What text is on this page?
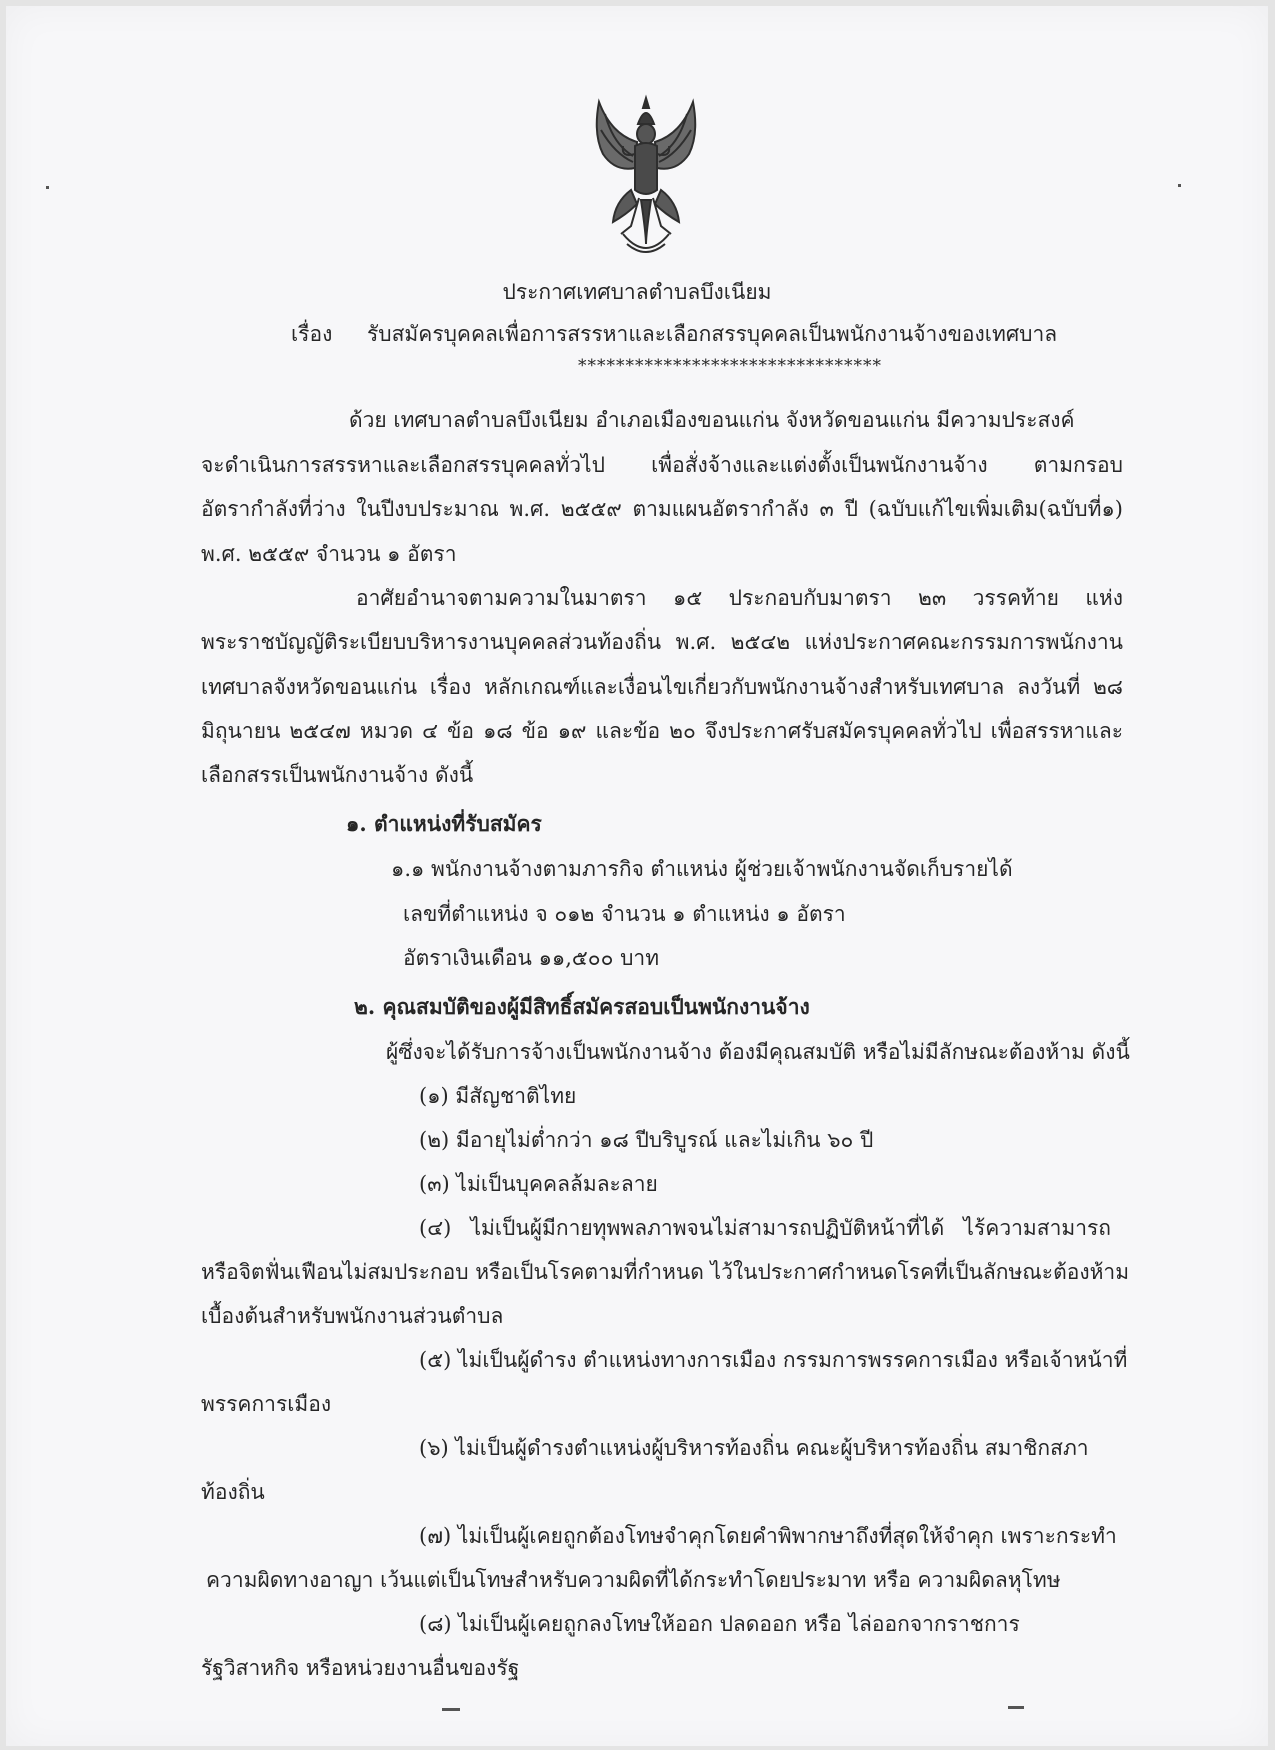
ประกาศเทศบาลตำบลบึงเนียม
เรื่อง รับสมัครบุคคลเพื่อการสรรหาและเลือกสรรบุคคลเป็นพนักงานจ้างของเทศบาล
********************************
ด้วย เทศบาลตำบลบึงเนียม อำเภอเมืองขอนแก่น จังหวัดขอนแก่น มีความประสงค์
จะดำเนินการสรรหาและเลือกสรรบุคคลทั่วไป เพื่อสั่งจ้างและแต่งตั้งเป็นพนักงานจ้าง ตามกรอบ
อัตรากำลังที่ว่าง ในปีงบประมาณ พ.ศ. ๒๕๕๙ ตามแผนอัตรากำลัง ๓ ปี (ฉบับแก้ไขเพิ่มเติม(ฉบับที่๑)
พ.ศ. ๒๕๕๙ จำนวน ๑ อัตรา
อาศัยอำนาจตามความในมาตรา ๑๕ ประกอบกับมาตรา ๒๓ วรรคท้าย แห่ง
พระราชบัญญัติระเบียบบริหารงานบุคคลส่วนท้องถิ่น พ.ศ. ๒๕๔๒ แห่งประกาศคณะกรรมการพนักงาน
เทศบาลจังหวัดขอนแก่น เรื่อง หลักเกณฑ์และเงื่อนไขเกี่ยวกับพนักงานจ้างสำหรับเทศบาล ลงวันที่ ๒๘
มิถุนายน ๒๕๔๗ หมวด ๔ ข้อ ๑๘ ข้อ ๑๙ และข้อ ๒๐ จึงประกาศรับสมัครบุคคลทั่วไป เพื่อสรรหาและ
เลือกสรรเป็นพนักงานจ้าง ดังนี้
๑. ตำแหน่งที่รับสมัคร
๑.๑ พนักงานจ้างตามภารกิจ ตำแหน่ง ผู้ช่วยเจ้าพนักงานจัดเก็บรายได้
เลขที่ตำแหน่ง จ ๐๑๒ จำนวน ๑ ตำแหน่ง ๑ อัตรา
อัตราเงินเดือน ๑๑,๕๐๐ บาท
๒. คุณสมบัติของผู้มีสิทธิ์สมัครสอบเป็นพนักงานจ้าง
ผู้ซึ่งจะได้รับการจ้างเป็นพนักงานจ้าง ต้องมีคุณสมบัติ หรือไม่มีลักษณะต้องห้าม ดังนี้
(๑) มีสัญชาติไทย
(๒) มีอายุไม่ต่ำกว่า ๑๘ ปีบริบูรณ์ และไม่เกิน ๖๐ ปี
(๓) ไม่เป็นบุคคลล้มละลาย
(๔) ไม่เป็นผู้มีกายทุพพลภาพจนไม่สามารถปฏิบัติหน้าที่ได้ ไร้ความสามารถ
หรือจิตฟั่นเฟือนไม่สมประกอบ หรือเป็นโรคตามที่กำหนด ไว้ในประกาศกำหนดโรคที่เป็นลักษณะต้องห้าม
เบื้องต้นสำหรับพนักงานส่วนตำบล
(๕) ไม่เป็นผู้ดำรง ตำแหน่งทางการเมือง กรรมการพรรคการเมือง หรือเจ้าหน้าที่
พรรคการเมือง
(๖) ไม่เป็นผู้ดำรงตำแหน่งผู้บริหารท้องถิ่น คณะผู้บริหารท้องถิ่น สมาชิกสภา
ท้องถิ่น
(๗) ไม่เป็นผู้เคยถูกต้องโทษจำคุกโดยคำพิพากษาถึงที่สุดให้จำคุก เพราะกระทำ
ความผิดทางอาญา เว้นแต่เป็นโทษสำหรับความผิดที่ได้กระทำโดยประมาท หรือ ความผิดลหุโทษ
(๘) ไม่เป็นผู้เคยถูกลงโทษให้ออก ปลดออก หรือ ไล่ออกจากราชการ
รัฐวิสาหกิจ หรือหน่วยงานอื่นของรัฐ
